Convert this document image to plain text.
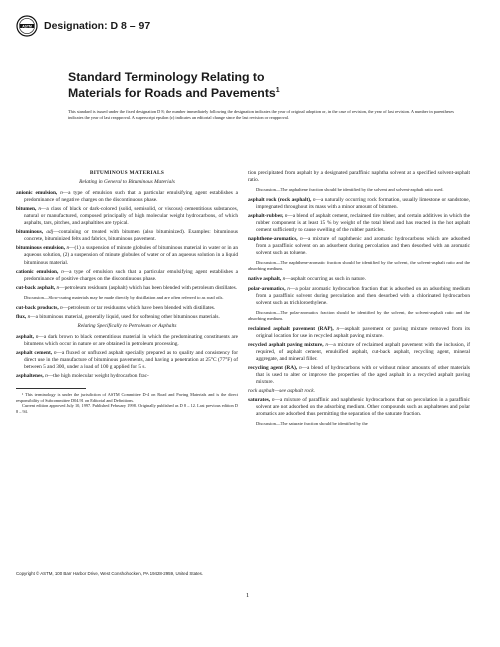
ASTM Designation: D 8 – 97
Standard Terminology Relating to
Materials for Roads and Pavements$^1$
This standard is issued under the fixed designation D 8; the number immediately following the designation indicates the year of original adoption or, in the case of revision, the year of last revision. A number in parentheses indicates the year of last reapproval. A superscript epsilon (ε) indicates an editorial change since the last revision or reapproval.
BITUMINOUS MATERIALS
Relating in General to Bituminous Materials
anionic emulsion, n—a type of emulsion such that a particular emulsifying agent establishes a predominance of negative charges on the discontinuous phase.
bitumen, n—a class of black or dark-colored (solid, semisolid, or viscous) cementitious substances, natural or manufactured, composed principally of high molecular weight hydrocarbons, of which asphalts, tars, pitches, and asphaltites are typical.
bituminous, adj—containing or treated with bitumen (also bituminized). Examples: bituminous concrete, bituminized felts and fabrics, bituminous pavement.
bituminous emulsion, n—(1) a suspension of minute globules of bituminous material in water or in an aqueous solution, (2) a suspension of minute globules of water or of an aqueous solution in a liquid bituminous material.
cationic emulsion, n—a type of emulsion such that a particular emulsifying agent establishes a predominance of positive charges on the discontinuous phase.
cut-back asphalt, n—petroleum residuum (asphalt) which has been blended with petroleum distillates.
Discussion—Slow-curing materials may be made directly by distillation and are often referred to as road oils.
cut-back products, n—petroleum or tar residuums which have been blended with distillates.
flux, n—a bituminous material, generally liquid, used for softening other bituminous materials.
Relating Specifically to Petroleum or Asphalts
asphalt, n—a dark brown to black cementitious material in which the predominating constituents are bitumens which occur in nature or are obtained in petroleum processing.
asphalt cement, n—a fluxed or unfluxed asphalt specially prepared as to quality and consistency for direct use in the manufacture of bituminous pavements, and having a penetration at 25°C (77°F) of between 5 and 300, under a load of 100 g applied for 5 s.
asphaltenes, n—the high molecular weight hydrocarbon frac-
¹ This terminology is under the jurisdiction of ASTM Committee D-4 on Road and Paving Materials and is the direct responsibility of Subcommittee D04.91 on Editorial and Definitions.
Current edition approved July 10, 1997. Published February 1998. Originally published as D 8 – 12. Last previous edition D 8 – 94.
tion precipitated from asphalt by a designated paraffinic naphtha solvent at a specified solvent-asphalt ratio.
Discussion—The asphaltene fraction should be identified by the solvent and solvent-asphalt ratio used.
asphalt rock (rock asphalt), n—a naturally occurring rock formation, usually limestone or sandstone, impregnated throughout its mass with a minor amount of bitumen.
asphalt-rubber, n—a blend of asphalt cement, reclaimed tire rubber, and certain additives in which the rubber component is at least 15 % by weight of the total blend and has reacted in the hot asphalt cement sufficiently to cause swelling of the rubber particles.
naphthene-aromatics, n—a mixture of naphthenic and aromatic hydrocarbons which are adsorbed from a paraffinic solvent on an adsorbent during percolation and then desorbed with an aromatic solvent such as toluene.
Discussion—The naphthene-aromatic fraction should be identified by the solvent, the solvent-asphalt ratio and the absorbing medium.
native asphalt, n—asphalt occurring as such in nature.
polar-aromatics, n—a polar aromatic hydrocarbon fraction that is adsorbed on an adsorbing medium from a paraffinic solvent during percolation and then desorbed with a chlorinated hydrocarbon solvent such as trichloroethylene.
Discussion—The polar-aromatics fraction should be identified by the solvent, the solvent-asphalt ratio and the absorbing medium.
reclaimed asphalt pavement (RAP), n—asphalt pavement or paving mixture removed from its original location for use in recycled asphalt paving mixture.
recycled asphalt paving mixture, n—a mixture of reclaimed asphalt pavement with the inclusion, if required, of asphalt cement, emulsified asphalt, cut-back asphalt, recycling agent, mineral aggregate, and mineral filler.
recycling agent (RA), n—a blend of hydrocarbons with or without minor amounts of other materials that is used to alter or improve the properties of the aged asphalt in a recycled asphalt paving mixture.
rock asphalt—see asphalt rock.
saturates, n—a mixture of paraffinic and naphthenic hydrocarbons that on percolation in a paraffinic solvent are not adsorbed on the adsorbing medium. Other compounds such as asphaltenes and polar aromatics are adsorbed thus permitting the separation of the saturate fraction.
Discussion—The saturate fraction should be identified by the
Copyright © ASTM, 100 Barr Harbor Drive, West Conshohocken, PA 19428-2959, United States.
1
